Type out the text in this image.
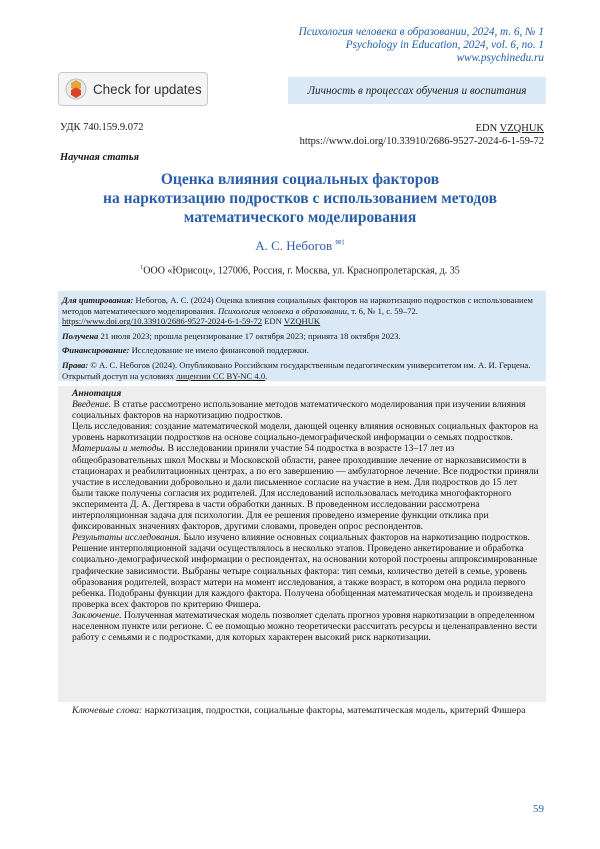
Психология человека в образовании, 2024, т. 6, № 1
Psychology in Education, 2024, vol. 6, no. 1
www.psychinedu.ru
Check for updates	Личность в процессах обучения и воспитания
УДК 740.159.9.072	EDN VZQHUK
https://www.doi.org/10.33910/2686-9527-2024-6-1-59-72
Научная статья
Оценка влияния социальных факторов
на наркотизацию подростков с использованием методов
математического моделирования
А. С. Небогов $^{✉1}$
$^1$ООО «Юрисоц», 127006, Россия, г. Москва, ул. Краснопролетарская, д. 35

Для цитирования: Небогов, А. С. (2024) Оценка влияния социальных факторов на наркотизацию подростков с использованием методов математического моделирования. Психология человека в образовании, т. 6, № 1, с. 59–72. https://www.doi.org/10.33910/2686-9527-2024-6-1-59-72 EDN VZQHUK

Получена 21 июля 2023; прошла рецензирование 17 октября 2023; принята 18 октября 2023.

Финансирование: Исследование не имело финансовой поддержки.

Права: © А. С. Небогов (2024). Опубликовано Российским государственным педагогическим университетом им. А. И. Герцена. Открытый доступ на условиях лицензии CC BY-NC 4.0.

Аннотация

Введение. В статье рассмотрено использование методов математического моделирования при изучении влияния социальных факторов на наркотизацию подростков.

Цель исследования: создание математической модели, дающей оценку влияния основных социальных факторов на уровень наркотизации подростков на основе социально-демографической информации о семьях подростков.

Материалы и методы. В исследовании приняли участие 54 подростка в возрасте 13–17 лет из общеобразовательных школ Москвы и Московской области, ранее проходившие лечение от наркозависимости в стационарах и реабилитационных центрах, а по его завершению — амбулаторное лечение. Все подростки приняли участие в исследовании добровольно и дали письменное согласие на участие в нем. Для подростков до 15 лет были также получены согласия их родителей. Для исследований использовалась методика многофакторного эксперимента Д. А. Дегтярева в части обработки данных. В проведенном исследовании рассмотрена интерполяционная задача для психологии. Для ее решения проведено измерение функции отклика при фиксированных значениях факторов, другими словами, проведен опрос респондентов.

Результаты исследования. Было изучено влияние основных социальных факторов на наркотизацию подростков. Решение интерполяционной задачи осуществлялось в несколько этапов. Проведено анкетирование и обработка социально-демографической информации о респондентах, на основании которой построены аппроксимированные графические зависимости. Выбраны четыре социальных фактора: тип семьи, количество детей в семье, уровень образования родителей, возраст матери на момент исследования, а также возраст, в котором она родила первого ребенка. Подобраны функции для каждого фактора. Получена обобщенная математическая модель и произведена проверка всех факторов по критерию Фишера.

Заключение. Полученная математическая модель позволяет сделать прогноз уровня наркотизации в определенном населенном пункте или регионе. С ее помощью можно теоретически рассчитать ресурсы и целенаправленно вести работу с семьями и с подростками, для которых характерен высокий риск наркотизации.

Ключевые слова: наркотизация, подростки, социальные факторы, математическая модель, критерий Фишера
59
